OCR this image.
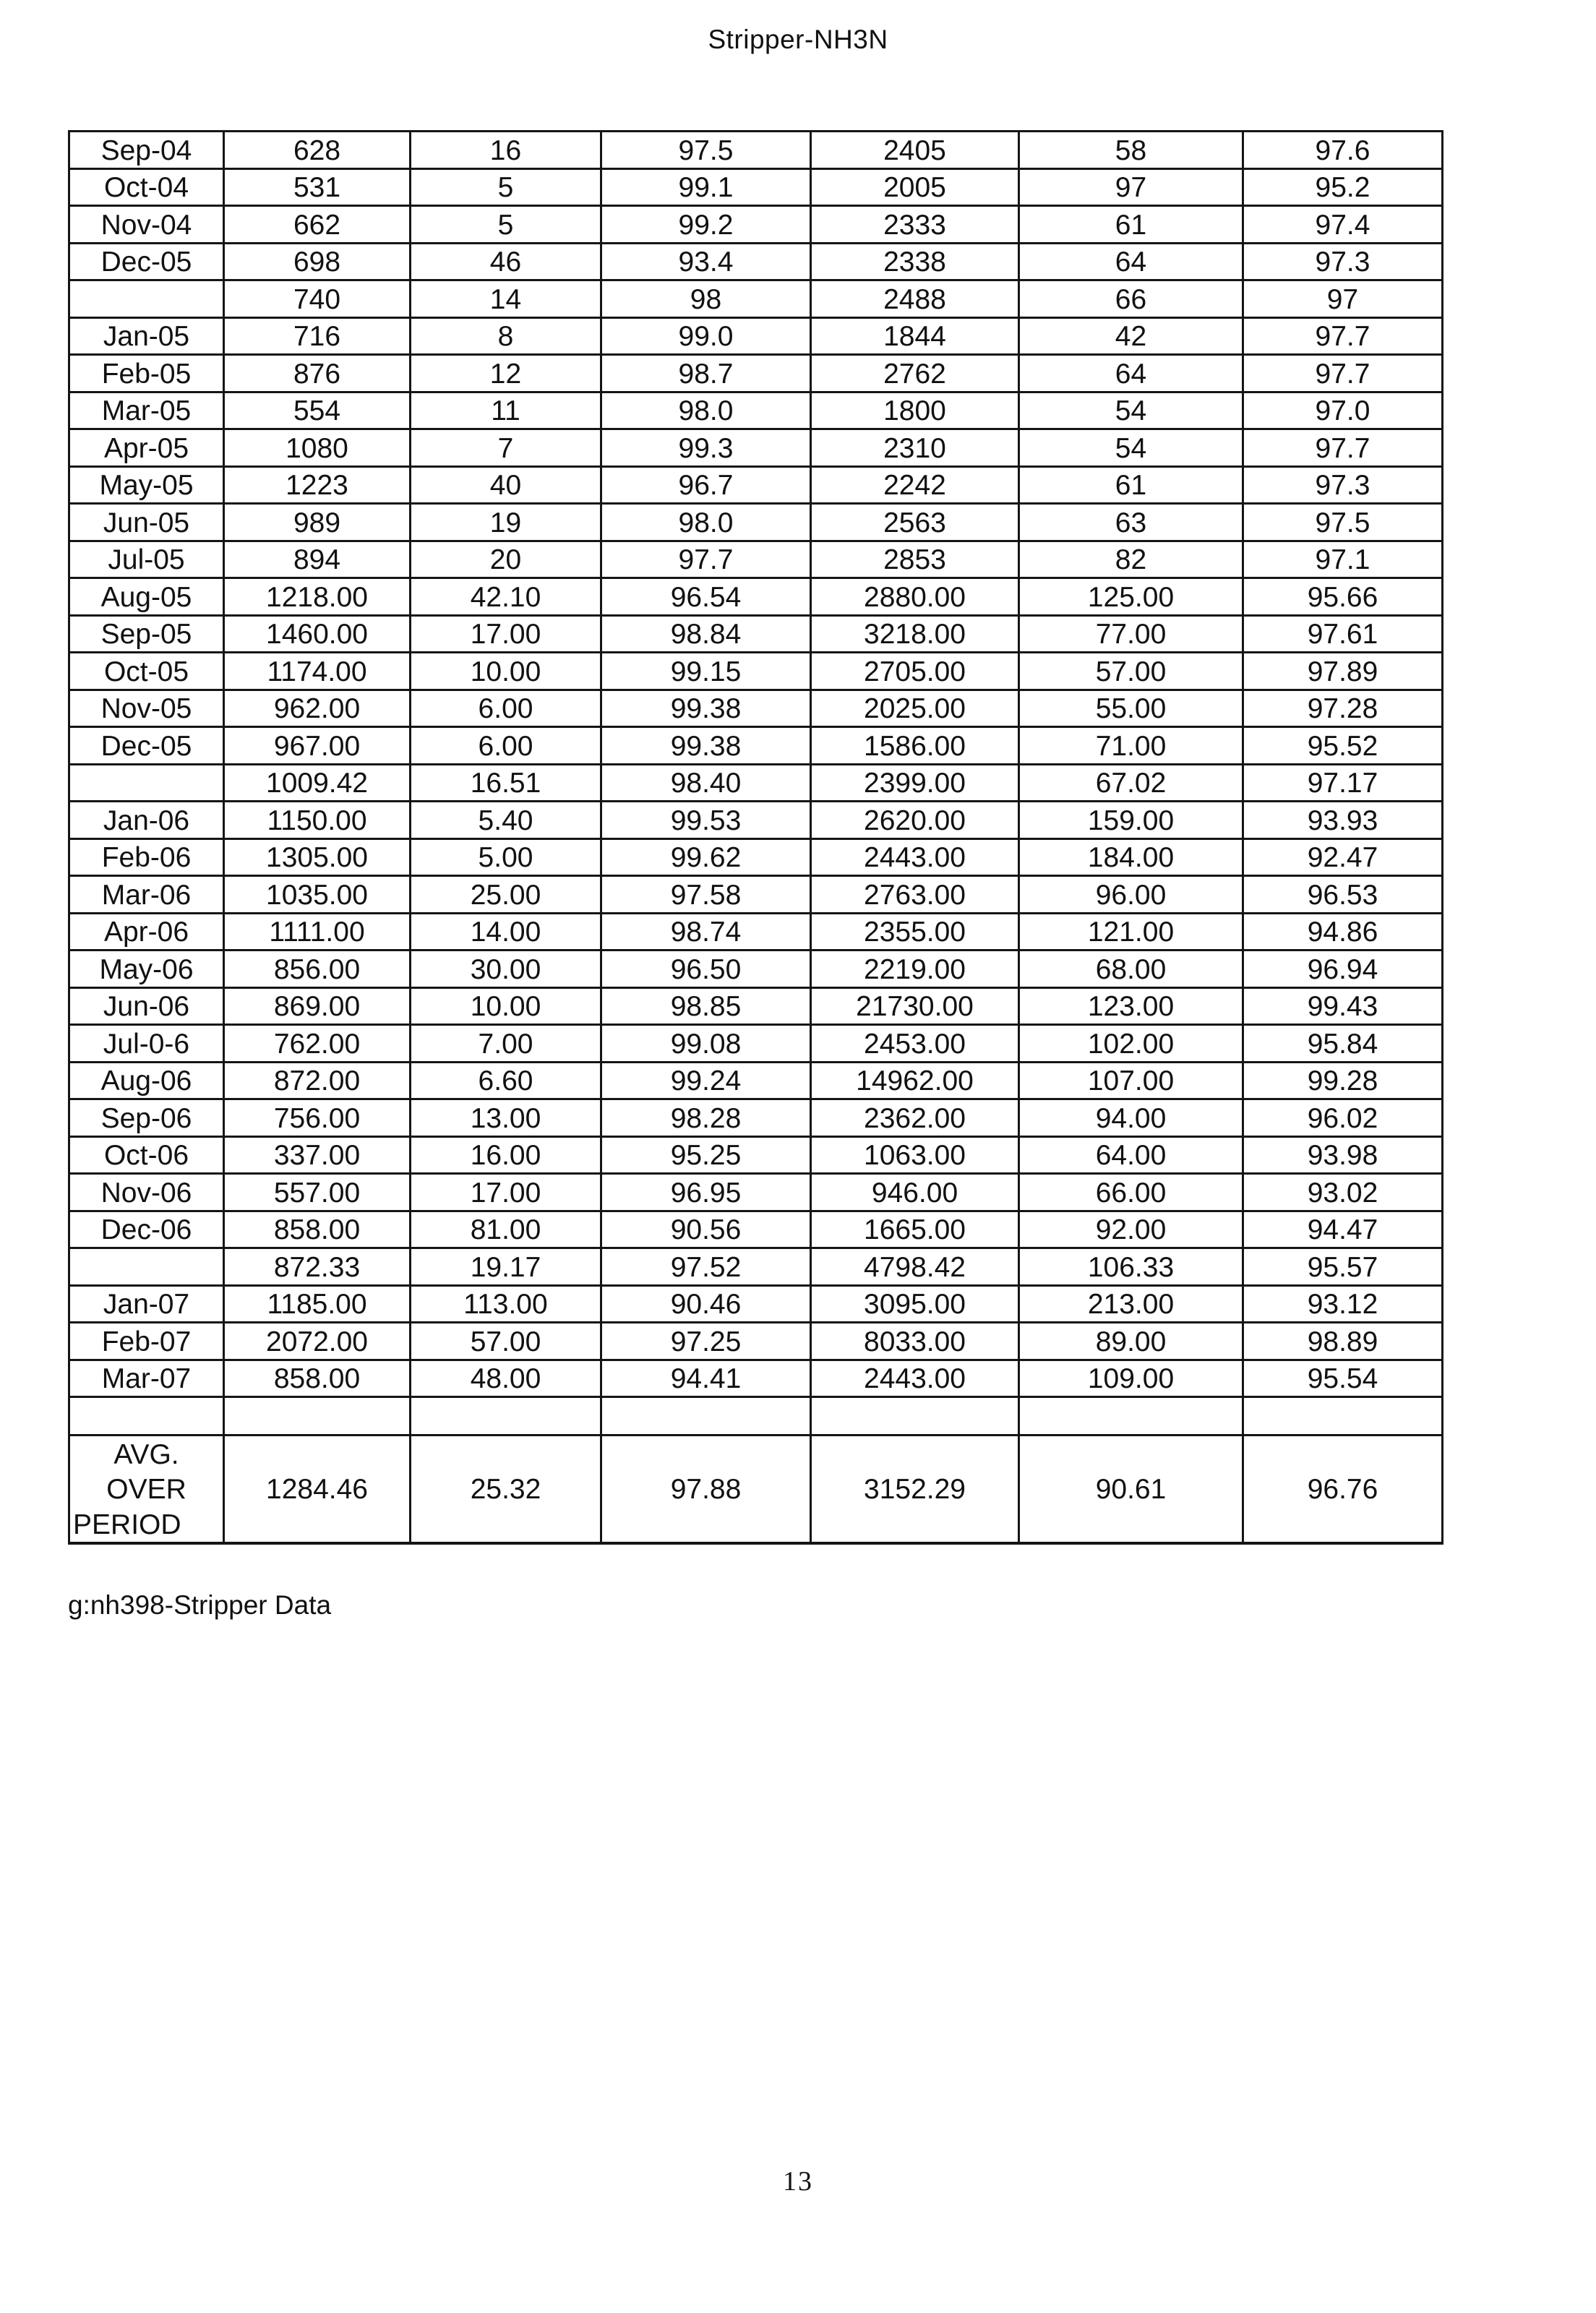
Stripper-NH3N
Sep-04	628	16	97.5	2405	58	97.6
Oct-04	531	5	99.1	2005	97	95.2
Nov-04	662	5	99.2	2333	61	97.4
Dec-05	698	46	93.4	2338	64	97.3
	740	14	98	2488	66	97
Jan-05	716	8	99.0	1844	42	97.7
Feb-05	876	12	98.7	2762	64	97.7
Mar-05	554	11	98.0	1800	54	97.0
Apr-05	1080	7	99.3	2310	54	97.7
May-05	1223	40	96.7	2242	61	97.3
Jun-05	989	19	98.0	2563	63	97.5
Jul-05	894	20	97.7	2853	82	97.1
Aug-05	1218.00	42.10	96.54	2880.00	125.00	95.66
Sep-05	1460.00	17.00	98.84	3218.00	77.00	97.61
Oct-05	1174.00	10.00	99.15	2705.00	57.00	97.89
Nov-05	962.00	6.00	99.38	2025.00	55.00	97.28
Dec-05	967.00	6.00	99.38	1586.00	71.00	95.52
	1009.42	16.51	98.40	2399.00	67.02	97.17
Jan-06	1150.00	5.40	99.53	2620.00	159.00	93.93
Feb-06	1305.00	5.00	99.62	2443.00	184.00	92.47
Mar-06	1035.00	25.00	97.58	2763.00	96.00	96.53
Apr-06	1111.00	14.00	98.74	2355.00	121.00	94.86
May-06	856.00	30.00	96.50	2219.00	68.00	96.94
Jun-06	869.00	10.00	98.85	21730.00	123.00	99.43
Jul-0-6	762.00	7.00	99.08	2453.00	102.00	95.84
Aug-06	872.00	6.60	99.24	14962.00	107.00	99.28
Sep-06	756.00	13.00	98.28	2362.00	94.00	96.02
Oct-06	337.00	16.00	95.25	1063.00	64.00	93.98
Nov-06	557.00	17.00	96.95	946.00	66.00	93.02
Dec-06	858.00	81.00	90.56	1665.00	92.00	94.47
	872.33	19.17	97.52	4798.42	106.33	95.57
Jan-07	1185.00	113.00	90.46	3095.00	213.00	93.12
Feb-07	2072.00	57.00	97.25	8033.00	89.00	98.89
Mar-07	858.00	48.00	94.41	2443.00	109.00	95.54

AVG.						
OVER	1284.46	25.32	97.88	3152.29	90.61	96.76
PERIOD						
g:nh398-Stripper Data
13
